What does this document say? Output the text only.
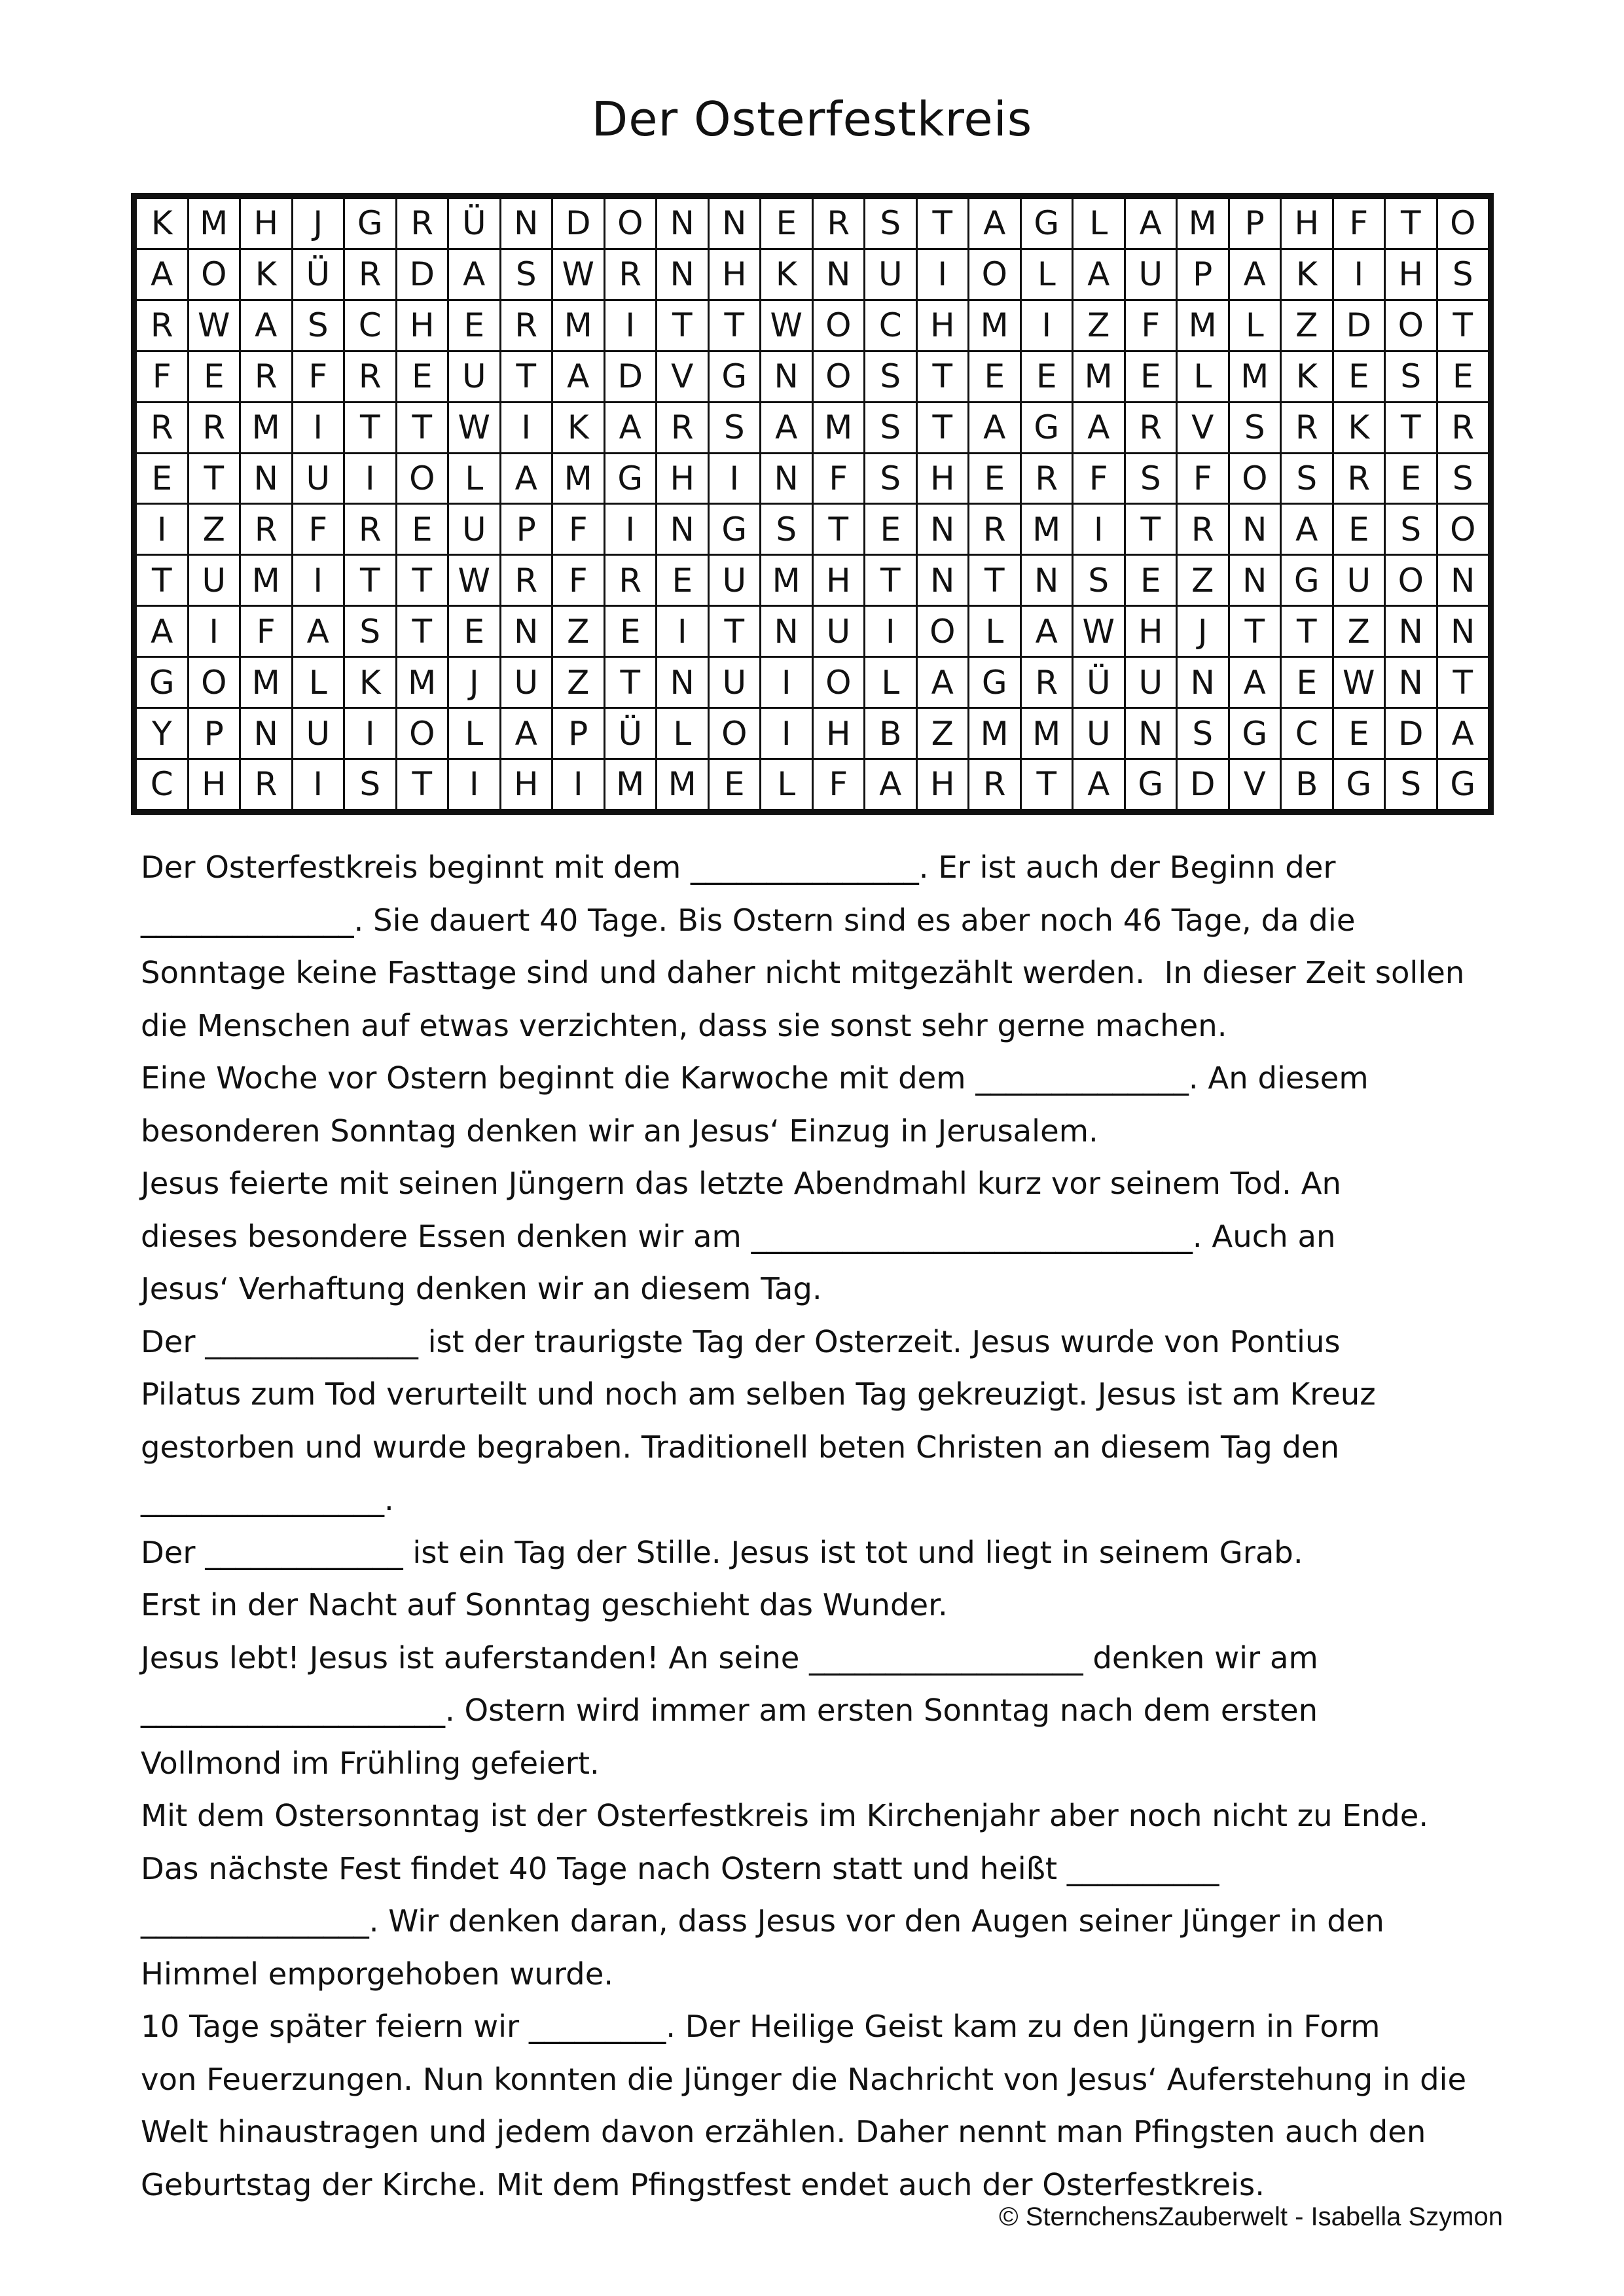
Der Osterfestkreis
K	M	H	J	G	R	Ü	N	D	O	N	N	E	R	S	T	A	G	L	A	M	P	H	F	T	O
A	O	K	Ü	R	D	A	S	W	R	N	H	K	N	U	I	O	L	A	U	P	A	K	I	H	S
R	W	A	S	C	H	E	R	M	I	T	T	W	O	C	H	M	I	Z	F	M	L	Z	D	O	T
F	E	R	F	R	E	U	T	A	D	V	G	N	O	S	T	E	E	M	E	L	M	K	E	S	E
R	R	M	I	T	T	W	I	K	A	R	S	A	M	S	T	A	G	A	R	V	S	R	K	T	R
E	T	N	U	I	O	L	A	M	G	H	I	N	F	S	H	E	R	F	S	F	O	S	R	E	S
I	Z	R	F	R	E	U	P	F	I	N	G	S	T	E	N	R	M	I	T	R	N	A	E	S	O
T	U	M	I	T	T	W	R	F	R	E	U	M	H	T	N	T	N	S	E	Z	N	G	U	O	N
A	I	F	A	S	T	E	N	Z	E	I	T	N	U	I	O	L	A	W	H	J	T	T	Z	N	N
G	O	M	L	K	M	J	U	Z	T	N	U	I	O	L	A	G	R	Ü	U	N	A	E	W	N	T
Y	P	N	U	I	O	L	A	P	Ü	L	O	I	H	B	Z	M	M	U	N	S	G	C	E	D	A
C	H	R	I	S	T	I	H	I	M	M	E	L	F	A	H	R	T	A	G	D	V	B	G	S	G
Der Osterfestkreis beginnt mit dem _______________. Er ist auch der Beginn der
______________. Sie dauert 40 Tage. Bis Ostern sind es aber noch 46 Tage, da die
Sonntage keine Fasttage sind und daher nicht mitgezählt werden.  In dieser Zeit sollen
die Menschen auf etwas verzichten, dass sie sonst sehr gerne machen.
Eine Woche vor Ostern beginnt die Karwoche mit dem ______________. An diesem
besonderen Sonntag denken wir an Jesus‘ Einzug in Jerusalem.
Jesus feierte mit seinen Jüngern das letzte Abendmahl kurz vor seinem Tod. An
dieses besondere Essen denken wir am _____________________________. Auch an
Jesus‘ Verhaftung denken wir an diesem Tag.
Der ______________ ist der traurigste Tag der Osterzeit. Jesus wurde von Pontius
Pilatus zum Tod verurteilt und noch am selben Tag gekreuzigt. Jesus ist am Kreuz
gestorben und wurde begraben. Traditionell beten Christen an diesem Tag den
________________.
Der _____________ ist ein Tag der Stille. Jesus ist tot und liegt in seinem Grab.
Erst in der Nacht auf Sonntag geschieht das Wunder.
Jesus lebt! Jesus ist auferstanden! An seine __________________ denken wir am
____________________. Ostern wird immer am ersten Sonntag nach dem ersten
Vollmond im Frühling gefeiert.
Mit dem Ostersonntag ist der Osterfestkreis im Kirchenjahr aber noch nicht zu Ende.
Das nächste Fest findet 40 Tage nach Ostern statt und heißt __________
_______________. Wir denken daran, dass Jesus vor den Augen seiner Jünger in den
Himmel emporgehoben wurde.
10 Tage später feiern wir _________. Der Heilige Geist kam zu den Jüngern in Form
von Feuerzungen. Nun konnten die Jünger die Nachricht von Jesus‘ Auferstehung in die
Welt hinaustragen und jedem davon erzählen. Daher nennt man Pfingsten auch den
Geburtstag der Kirche. Mit dem Pfingstfest endet auch der Osterfestkreis.
© SternchensZauberwelt - Isabella Szymon
